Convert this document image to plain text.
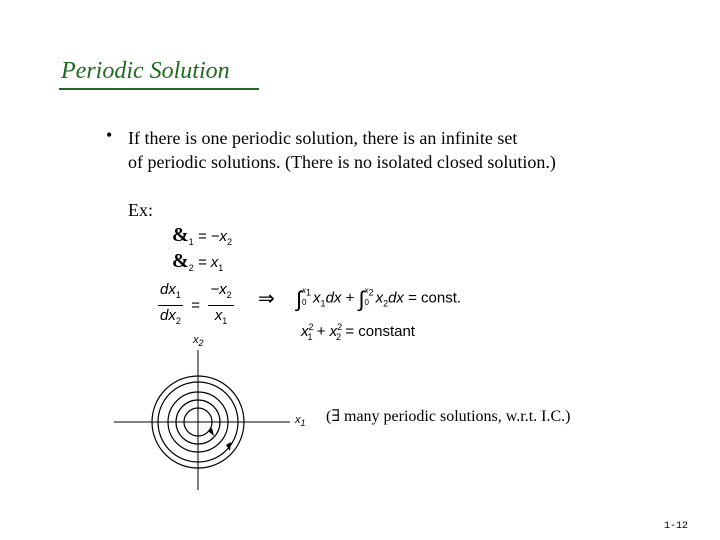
Periodic Solution
• If there is one periodic solution, there is an infinite set
of periodic solutions. (There is no isolated closed solution.)
Ex:
$\&_1 = -x_2$
$\&_2 = x_1$
$\frac{dx_1}{dx_2} = \frac{-x_2}{x_1}$ ⇒ $\int x_1$
0 $x_1dx + \int x_2$
0 $x_2dx$ = const.
$x^2_1 + x^2_2$ = constant
$x_2$
$x_1$ (∃ many periodic solutions, w.r.t. I.C.)
1-12
